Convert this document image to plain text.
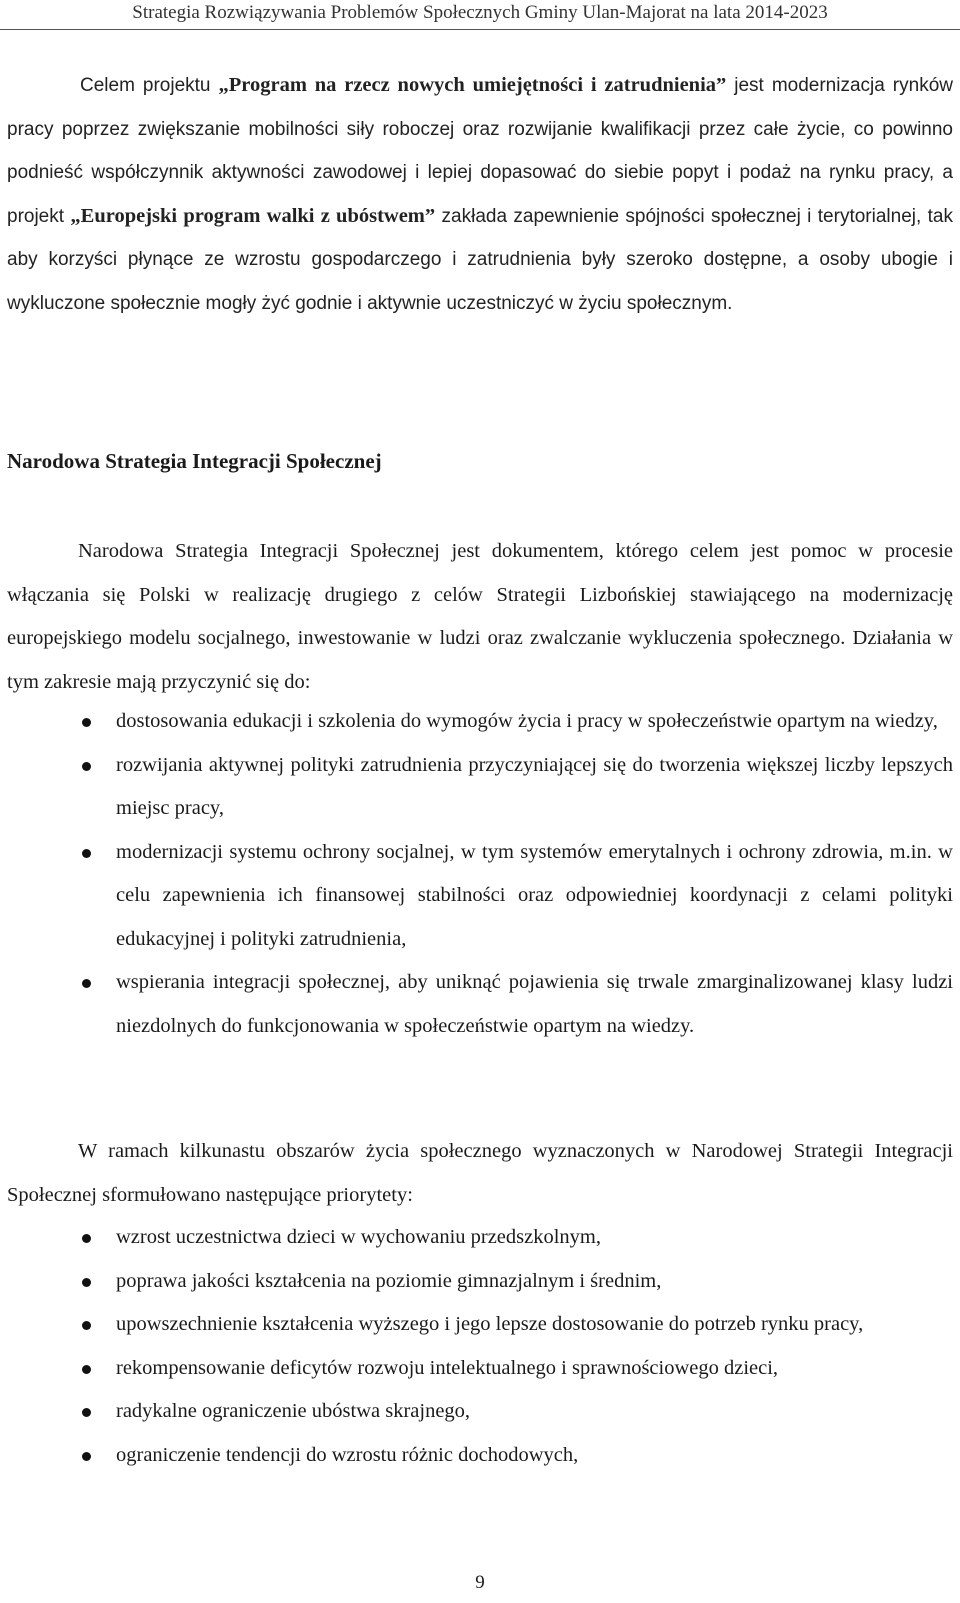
Strategia Rozwiązywania Problemów Społecznych Gminy Ulan-Majorat na lata 2014-2023

Celem projektu „Program na rzecz nowych umiejętności i zatrudnienia” jest modernizacja rynków pracy poprzez zwiększanie mobilności siły roboczej oraz rozwijanie kwalifikacji przez całe życie, co powinno podnieść współczynnik aktywności zawodowej i lepiej dopasować do siebie popyt i podaż na rynku pracy, a projekt „Europejski program walki z ubóstwem” zakłada zapewnienie spójności społecznej i terytorialnej, tak aby korzyści płynące ze wzrostu gospodarczego i zatrudnienia były szeroko dostępne, a osoby ubogie i wykluczone społecznie mogły żyć godnie i aktywnie uczestniczyć w życiu społecznym.

Narodowa Strategia Integracji Społecznej

Narodowa Strategia Integracji Społecznej jest dokumentem, którego celem jest pomoc w procesie włączania się Polski w realizację drugiego z celów Strategii Lizbońskiej stawiającego na modernizację europejskiego modelu socjalnego, inwestowanie w ludzi oraz zwalczanie wykluczenia społecznego. Działania w tym zakresie mają przyczynić się do:

dostosowania edukacji i szkolenia do wymogów życia i pracy w społeczeństwie opartym na wiedzy,
rozwijania aktywnej polityki zatrudnienia przyczyniającej się do tworzenia większej liczby lepszych miejsc pracy,
modernizacji systemu ochrony socjalnej, w tym systemów emerytalnych i ochrony zdrowia, m.in. w celu zapewnienia ich finansowej stabilności oraz odpowiedniej koordynacji z celami polityki edukacyjnej i polityki zatrudnienia,
wspierania integracji społecznej, aby uniknąć pojawienia się trwale zmarginalizowanej klasy ludzi niezdolnych do funkcjonowania w społeczeństwie opartym na wiedzy.

W ramach kilkunastu obszarów życia społecznego wyznaczonych w Narodowej Strategii Integracji Społecznej sformułowano następujące priorytety:

wzrost uczestnictwa dzieci w wychowaniu przedszkolnym,
poprawa jakości kształcenia na poziomie gimnazjalnym i średnim,
upowszechnienie kształcenia wyższego i jego lepsze dostosowanie do potrzeb rynku pracy,
rekompensowanie deficytów rozwoju intelektualnego i sprawnościowego dzieci,
radykalne ograniczenie ubóstwa skrajnego,
ograniczenie tendencji do wzrostu różnic dochodowych,
9
